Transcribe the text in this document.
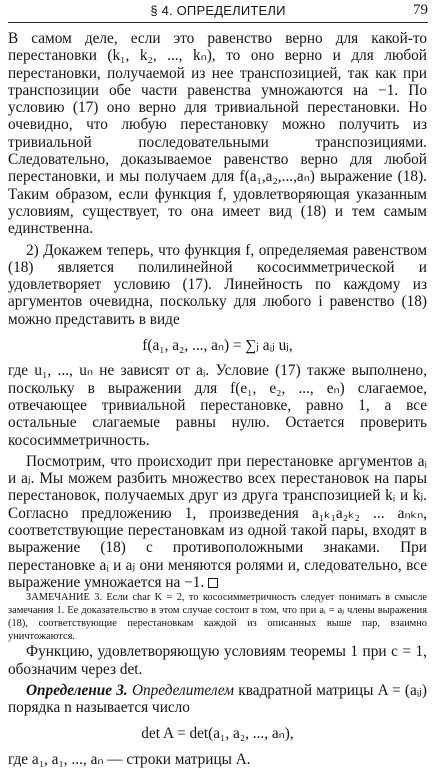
§ 4. ОПРЕДЕЛИТЕЛИ	79

В самом деле, если это равенство верно для какой-то перестановки (k₁, k₂, ..., kₙ), то оно верно и для любой перестановки, получаемой из нее транспозицией, так как при транспозиции обе части равенства умножаются на −1. По условию (17) оно верно для тривиальной перестановки. Но очевидно, что любую перестановку можно получить из тривиальной последовательными транспозициями. Следовательно, доказываемое равенство верно для любой перестановки, и мы получаем для f(a₁,a₂,...,aₙ) выражение (18). Таким образом, если функция f, удовлетворяющая указанным условиям, существует, то она имеет вид (18) и тем самым единственна.

2) Докажем теперь, что функция f, определяемая равенством (18) является полилинейной кососимметрической и удовлетворяет условию (17). Линейность по каждому из аргументов очевидна, поскольку для любого i равенство (18) можно представить в виде

f(a₁, a₂, ..., aₙ) = ∑ⱼ aᵢⱼ uⱼ,

где u₁, ..., uₙ не зависят от aᵢ. Условие (17) также выполнено, поскольку в выражении для f(e₁, e₂, ..., eₙ) слагаемое, отвечающее тривиальной перестановке, равно 1, а все остальные слагаемые равны нулю. Остается проверить кососимметричность.

Посмотрим, что происходит при перестановке аргументов aᵢ и aⱼ. Мы можем разбить множество всех перестановок на пары перестановок, получаемых друг из друга транспозицией kᵢ и kⱼ. Согласно предложению 1, произведения a₁ₖ₁a₂ₖ₂ ... aₙₖₙ, соответствующие перестановкам из одной такой пары, входят в выражение (18) с противоположными знаками. При перестановке aᵢ и aⱼ они меняются ролями и, следовательно, все выражение умножается на −1.

ЗАМЕЧАНИЕ 3. Если char K = 2, то кососимметричность следует понимать в смысле замечания 1. Ее доказательство в этом случае состоит в том, что при aᵢ = aⱼ члены выражения (18), соответствующие перестановкам каждой из описанных выше пар, взаимно уничтожаются.

Функцию, удовлетворяющую условиям теоремы 1 при c = 1, обозначим через det.

Определение 3. Определителем квадратной матрицы A = (aᵢⱼ) порядка n называется число

det A = det(a₁, a₂, ..., aₙ),

где a₁, a₁, ..., aₙ — строки матрицы A.
